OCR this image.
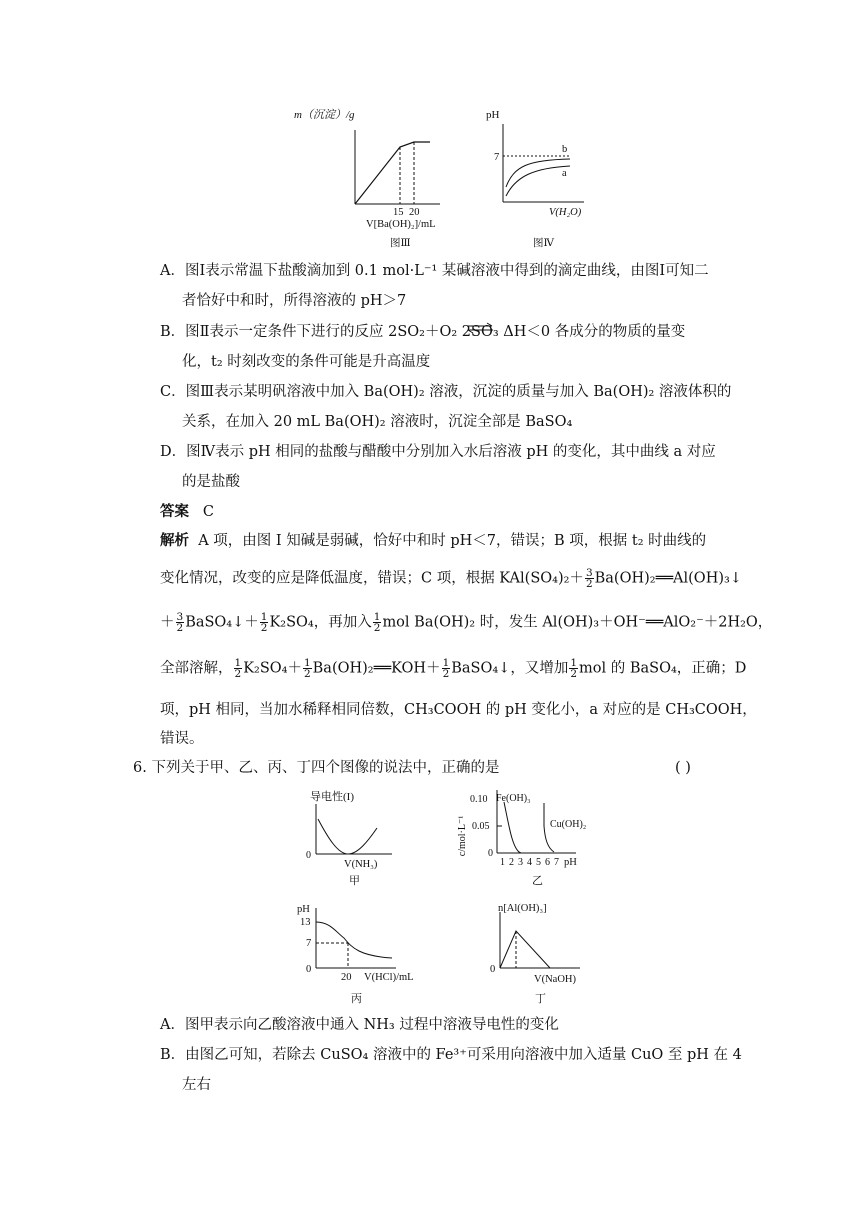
m（沉淀）/g
15 20
V[Ba(OH)₂]/mL
图Ⅲ
pH
7
b
a
V(H₂O)
图Ⅳ
A．图Ⅰ表示常温下盐酸滴加到 0.1 mol·L⁻¹ 某碱溶液中得到的滴定曲线，由图Ⅰ可知二
者恰好中和时，所得溶液的 pH＞7
B．图Ⅱ表示一定条件下进行的反应 2SO₂＋O₂ 2SO₃ ΔH＜0 各成分的物质的量变
化，t₂ 时刻改变的条件可能是升高温度
C．图Ⅲ表示某明矾溶液中加入 Ba(OH)₂ 溶液，沉淀的质量与加入 Ba(OH)₂ 溶液体积的
关系，在加入 20 mL Ba(OH)₂ 溶液时，沉淀全部是 BaSO₄
D．图Ⅳ表示 pH 相同的盐酸与醋酸中分别加入水后溶液 pH 的变化，其中曲线 a 对应
的是盐酸
答案 C
解析 A 项，由图 Ⅰ 知碱是弱碱，恰好中和时 pH＜7，错误；B 项，根据 t₂ 时曲线的
变化情况，改变的应是降低温度，错误；C 项，根据 $KAl(SO_4)_2+ \frac{3}{2}$ Ba(OH)₂══Al(OH)₃↓
＋ $\frac{3}{2}$ BaSO₄↓＋ $\frac{1}{2} K_2SO_4$，再加入 $\frac{1}{2}$ mol Ba(OH)₂ 时，发生 Al(OH)₃＋OH⁻══AlO₂⁻＋2H₂O，
全部溶解， $\frac{1}{2} K_2SO_4+ \frac{1}{2}$ Ba(OH)₂══KOH＋ $\frac{1}{2}$ BaSO₄↓，又增加 $\frac{1}{2}$ mol 的 BaSO₄，正确；D
项，pH 相同，当加水稀释相同倍数，CH₃COOH 的 pH 变化小，a 对应的是 CH₃COOH，
错误。
6. 下列关于甲、乙、丙、丁四个图像的说法中，正确的是	( )
导电性(I)
0
V(NH₃)
甲
c/mol·L⁻¹
0.10
0.05
0
Fe(OH)₃
Cu(OH)₂
1 2 3 4 5 6 7 pH
乙
pH
13
7
0
20 V(HCl)/mL
丙
n[Al(OH)₃]
0
V(NaOH)
丁
A．图甲表示向乙酸溶液中通入 NH₃ 过程中溶液导电性的变化
B．由图乙可知，若除去 CuSO₄ 溶液中的 Fe³⁺可采用向溶液中加入适量 CuO 至 pH 在 4
左右
